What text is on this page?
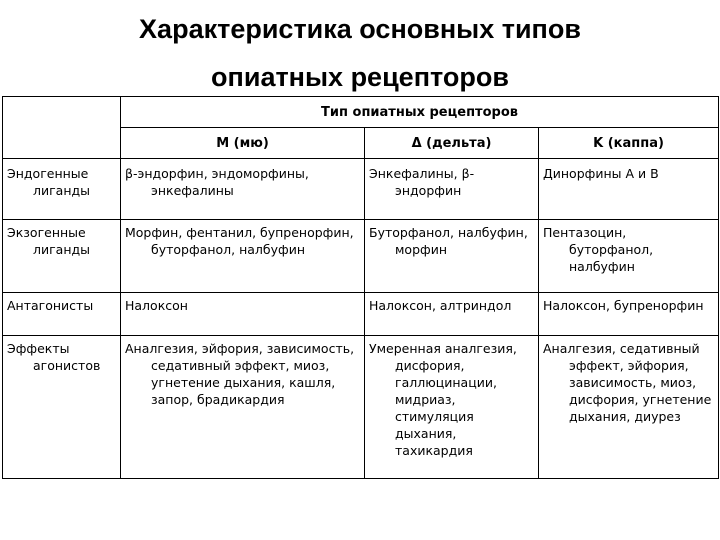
Характеристика основных типов
опиатных рецепторов
	Тип опиатных рецепторов		
	M (мю)	Δ (дельта)	K (каппа)

Эндогенные лиганды	β-эндорфин, эндоморфины, энкефалины	Энкефалины, β-эндорфин	Динорфины А и В

Экзогенные лиганды	Морфин, фентанил, бупренорфин, буторфанол, налбуфин	Буторфанол, налбуфин, морфин	Пентазоцин, буторфанол, налбуфин

Антагонисты	Налоксон	Налоксон, алтриндол	Налоксон, бупренорфин

Эффекты агонистов	Аналгезия, эйфория, зависимость, седативный эффект, миоз, угнетение дыхания, кашля, запор, брадикардия	Умеренная аналгезия, дисфория, галлюцинации, мидриаз, стимуляция дыхания, тахикардия	Аналгезия, седативный эффект, эйфория, зависимость, миоз, дисфория, угнетение дыхания, диурез
